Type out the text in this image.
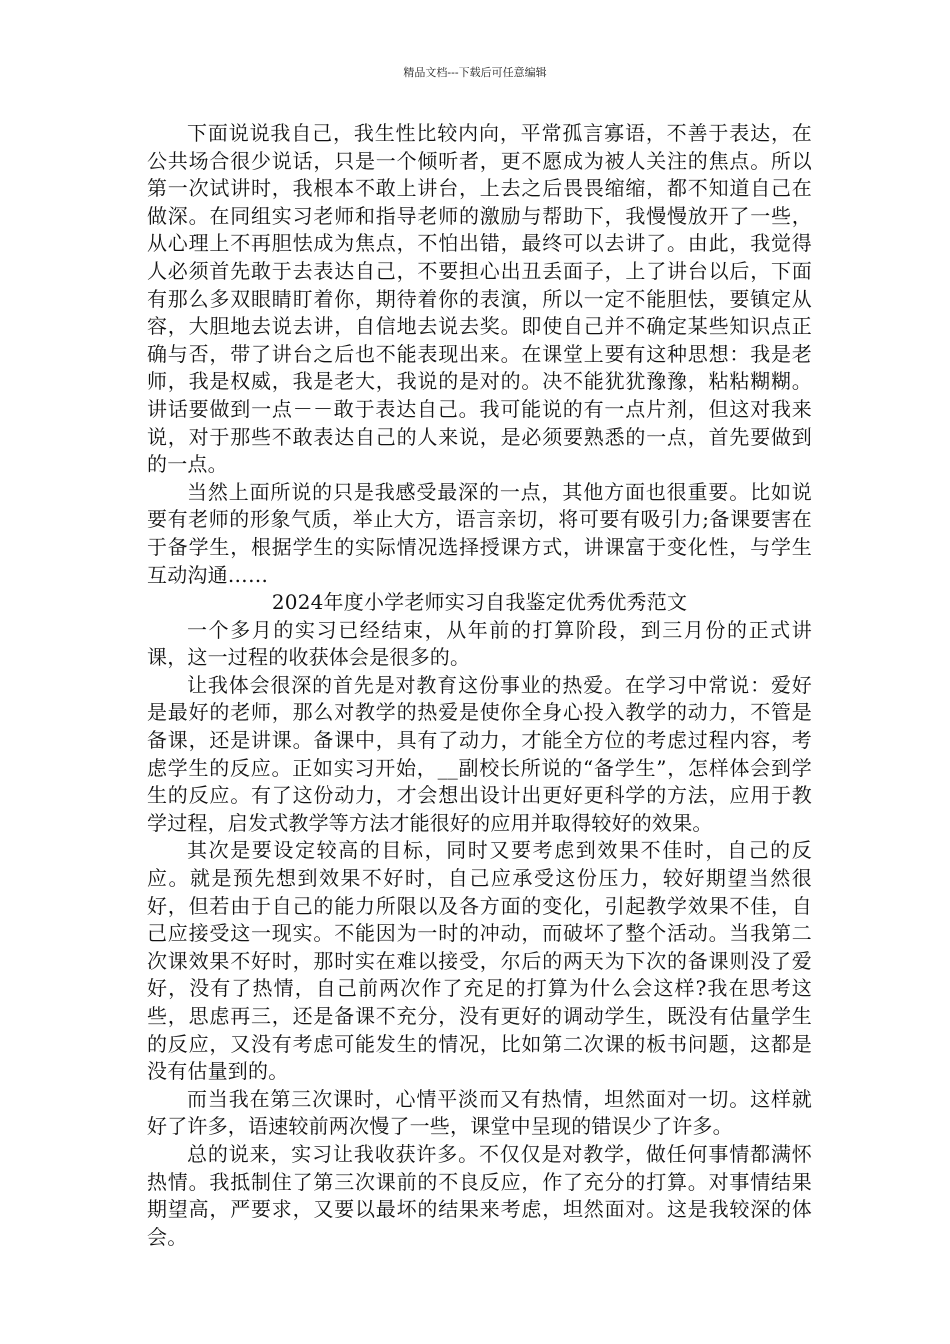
精品文档---下载后可任意编辑

下面说说我自己，我生性比较内向，平常孤言寡语，不善于表达，在公共场合很少说话，只是一个倾听者，更不愿成为被人关注的焦点。所以第一次试讲时，我根本不敢上讲台，上去之后畏畏缩缩，都不知道自己在做深。在同组实习老师和指导老师的激励与帮助下，我慢慢放开了一些，从心理上不再胆怯成为焦点，不怕出错，最终可以去讲了。由此，我觉得人必须首先敢于去表达自己，不要担心出丑丢面子，上了讲台以后，下面有那么多双眼睛盯着你，期待着你的表演，所以一定不能胆怯，要镇定从容，大胆地去说去讲，自信地去说去奖。即使自己并不确定某些知识点正确与否，带了讲台之后也不能表现出来。在课堂上要有这种思想：我是老师，我是权威，我是老大，我说的是对的。决不能犹犹豫豫，粘粘糊糊。讲话要做到一点－－敢于表达自己。我可能说的有一点片剂，但这对我来说，对于那些不敢表达自己的人来说，是必须要熟悉的一点，首先要做到的一点。

当然上面所说的只是我感受最深的一点，其他方面也很重要。比如说要有老师的形象气质，举止大方，语言亲切，将可要有吸引力;备课要害在于备学生，根据学生的实际情况选择授课方式，讲课富于变化性，与学生互动沟通……

2024年度小学老师实习自我鉴定优秀优秀范文

一个多月的实习已经结束，从年前的打算阶段，到三月份的正式讲课，这一过程的收获体会是很多的。

让我体会很深的首先是对教育这份事业的热爱。在学习中常说：爱好是最好的老师，那么对教学的热爱是使你全身心投入教学的动力，不管是备课，还是讲课。备课中，具有了动力，才能全方位的考虑过程内容，考虑学生的反应。正如实习开始，__副校长所说的“备学生”，怎样体会到学生的反应。有了这份动力，才会想出设计出更好更科学的方法，应用于教学过程，启发式教学等方法才能很好的应用并取得较好的效果。

其次是要设定较高的目标，同时又要考虑到效果不佳时，自己的反应。就是预先想到效果不好时，自己应承受这份压力，较好期望当然很好，但若由于自己的能力所限以及各方面的变化，引起教学效果不佳，自己应接受这一现实。不能因为一时的冲动，而破坏了整个活动。当我第二次课效果不好时，那时实在难以接受，尔后的两天为下次的备课则没了爱好，没有了热情，自己前两次作了充足的打算为什么会这样?我在思考这些，思虑再三，还是备课不充分，没有更好的调动学生，既没有估量学生的反应，又没有考虑可能发生的情况，比如第二次课的板书问题，这都是没有估量到的。

而当我在第三次课时，心情平淡而又有热情，坦然面对一切。这样就好了许多，语速较前两次慢了一些，课堂中呈现的错误少了许多。

总的说来，实习让我收获许多。不仅仅是对教学，做任何事情都满怀热情。我抵制住了第三次课前的不良反应，作了充分的打算。对事情结果期望高，严要求，又要以最坏的结果来考虑，坦然面对。这是我较深的体会。
